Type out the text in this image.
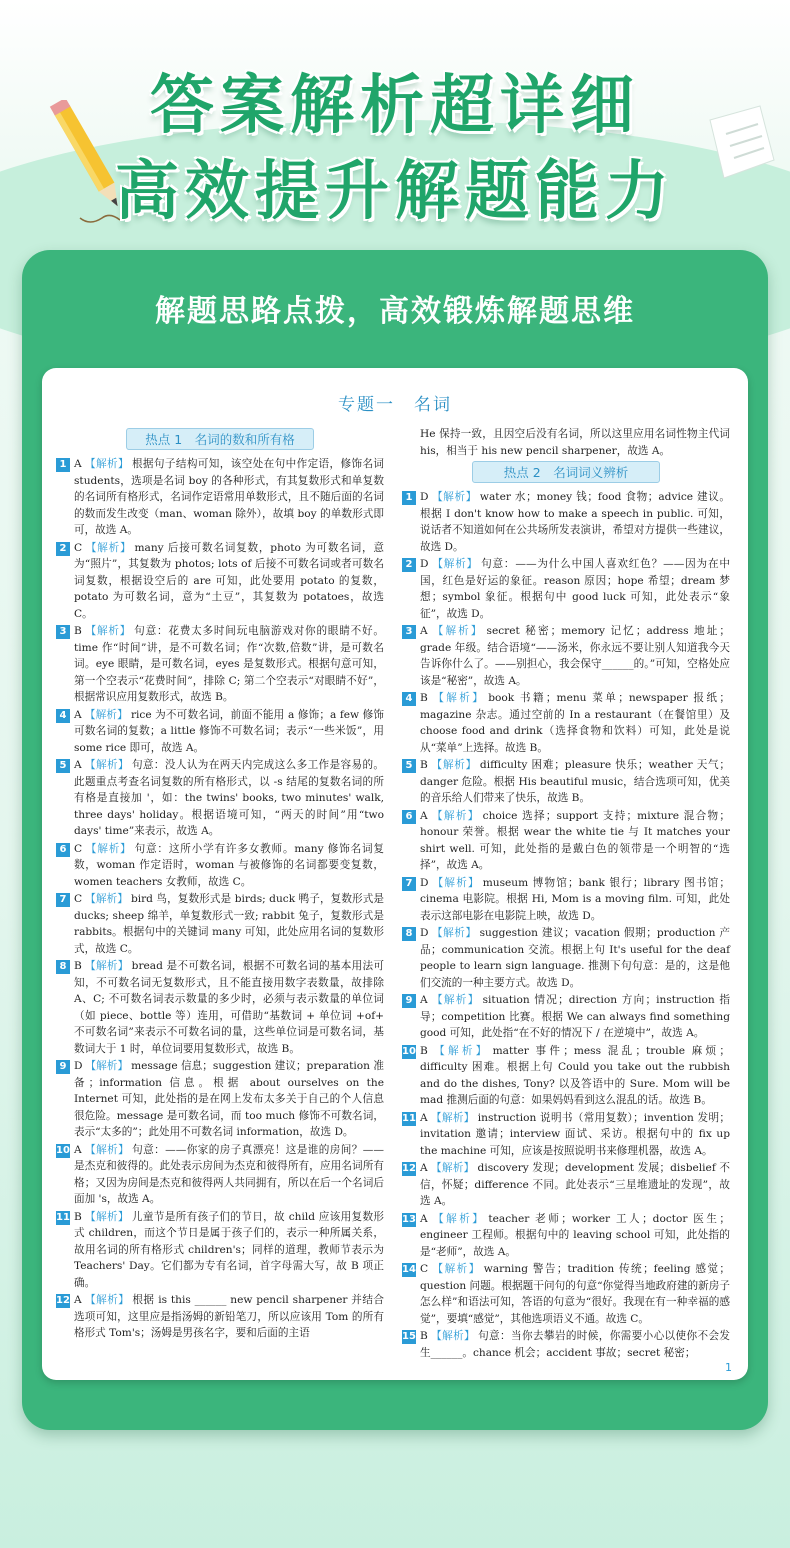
答案解析超详细
高效提升解题能力
解题思路点拨，高效锻炼解题思维
专题一　名词
热点 1　名词的数和所有格
1 A 【解析】 根据句子结构可知，该空处在句中作定语，修饰名词 students，选项是名词 boy 的各种形式，有其复数形式和单复数的名词所有格形式，名词作定语常用单数形式，且不随后面的名词的数而发生改变（man、woman 除外），故填 boy 的单数形式即可，故选 A。
2 C 【解析】 many 后接可数名词复数，photo 为可数名词，意为“照片”，其复数为 photos; lots of 后接不可数名词或者可数名词复数，根据设空后的 are 可知，此处要用 potato 的复数，potato 为可数名词，意为“土豆”，其复数为 potatoes，故选 C。
3 B 【解析】 句意：花费太多时间玩电脑游戏对你的眼睛不好。time 作“时间”讲，是不可数名词；作“次数,倍数”讲，是可数名词。eye 眼睛，是可数名词，eyes 是复数形式。根据句意可知，第一个空表示“花费时间”，排除 C; 第二个空表示“对眼睛不好”，根据常识应用复数形式，故选 B。
4 A 【解析】 rice 为不可数名词，前面不能用 a 修饰；a few 修饰可数名词的复数；a little 修饰不可数名词；表示“一些米饭”，用 some rice 即可，故选 A。
5 A 【解析】 句意：没人认为在两天内完成这么多工作是容易的。此题重点考查名词复数的所有格形式，以 -s 结尾的复数名词的所有格是直接加 '，如：the twins' books, two minutes' walk, three days' holiday。根据语境可知，“两天的时间”用“two days' time”来表示，故选 A。
6 C 【解析】 句意：这所小学有许多女教师。many 修饰名词复数，woman 作定语时，woman 与被修饰的名词都要变复数，women teachers 女教师，故选 C。
7 C 【解析】 bird 鸟，复数形式是 birds; duck 鸭子，复数形式是 ducks; sheep 绵羊，单复数形式一致; rabbit 兔子，复数形式是 rabbits。根据句中的关键词 many 可知，此处应用名词的复数形式，故选 C。
8 B 【解析】 bread 是不可数名词，根据不可数名词的基本用法可知，不可数名词无复数形式，且不能直接用数字表数量，故排除 A、C; 不可数名词表示数量的多少时，必须与表示数量的单位词（如 piece、bottle 等）连用，可借助“基数词 + 单位词 +of+ 不可数名词”来表示不可数名词的量，这些单位词是可数名词，基数词大于 1 时，单位词要用复数形式，故选 B。
9 D 【解析】 message 信息；suggestion 建议；preparation 准备；information 信息。根据 about ourselves on the Internet 可知，此处指的是在网上发布太多关于自己的个人信息很危险。message 是可数名词，而 too much 修饰不可数名词，表示“太多的”；此处用不可数名词 information，故选 D。
10 A 【解析】 句意：——你家的房子真漂亮！这是谁的房间？——是杰克和彼得的。此处表示房间为杰克和彼得所有，应用名词所有格；又因为房间是杰克和彼得两人共同拥有，所以在后一个名词后面加 's，故选 A。
11 B 【解析】 儿童节是所有孩子们的节日，故 child 应该用复数形式 children，而这个节日是属于孩子们的，表示一种所属关系，故用名词的所有格形式 children's；同样的道理，教师节表示为 Teachers' Day。它们都为专有名词，首字母需大写，故 B 项正确。
12 A 【解析】 根据 is this ______ new pencil sharpener 并结合选项可知，这里应是指汤姆的新铅笔刀，所以应该用 Tom 的所有格形式 Tom's；汤姆是男孩名字，要和后面的主语
He 保持一致，且因空后没有名词，所以这里应用名词性物主代词 his，相当于 his new pencil sharpener，故选 A。
热点 2　名词词义辨析
1 D 【解析】 water 水；money 钱；food 食物；advice 建议。根据 I don't know how to make a speech in public. 可知，说话者不知道如何在公共场所发表演讲，希望对方提供一些建议，故选 D。
2 D 【解析】 句意：——为什么中国人喜欢红色？——因为在中国，红色是好运的象征。reason 原因；hope 希望；dream 梦想；symbol 象征。根据句中 good luck 可知，此处表示“象征”，故选 D。
3 A 【解析】 secret 秘密；memory 记忆；address 地址；grade 年级。结合语境“——汤米，你永远不要让别人知道我今天告诉你什么了。——别担心，我会保守______的。”可知，空格处应该是“秘密”，故选 A。
4 B 【解析】 book 书籍；menu 菜单；newspaper 报纸；magazine 杂志。通过空前的 In a restaurant（在餐馆里）及 choose food and drink（选择食物和饮料）可知，此处是说从“菜单”上选择。故选 B。
5 B 【解析】 difficulty 困难；pleasure 快乐；weather 天气；danger 危险。根据 His beautiful music，结合选项可知，优美的音乐给人们带来了快乐，故选 B。
6 A 【解析】 choice 选择；support 支持；mixture 混合物；honour 荣誉。根据 wear the white tie 与 It matches your shirt well. 可知，此处指的是戴白色的领带是一个明智的“选择”，故选 A。
7 D 【解析】 museum 博物馆；bank 银行；library 图书馆；cinema 电影院。根据 Hi, Mom is a moving film. 可知，此处表示这部电影在电影院上映，故选 D。
8 D 【解析】 suggestion 建议；vacation 假期；production 产品；communication 交流。根据上句 It's useful for the deaf people to learn sign language. 推测下句句意：是的，这是他们交流的一种主要方式。故选 D。
9 A 【解析】 situation 情况；direction 方向；instruction 指导；competition 比赛。根据 We can always find something good 可知，此处指“在不好的情况下 / 在逆境中”，故选 A。
10 B 【解析】 matter 事件；mess 混乱；trouble 麻烦；difficulty 困难。根据上句 Could you take out the rubbish and do the dishes, Tony? 以及答语中的 Sure. Mom will be mad 推测后面的句意：如果妈妈看到这么混乱的话。故选 B。
11 A 【解析】 instruction 说明书（常用复数）；invention 发明；invitation 邀请；interview 面试、采访。根据句中的 fix up the machine 可知，应该是按照说明书来修理机器，故选 A。
12 A 【解析】 discovery 发现；development 发展；disbelief 不信，怀疑；difference 不同。此处表示“三星堆遗址的发现”，故选 A。
13 A 【解析】 teacher 老师；worker 工人；doctor 医生；engineer 工程师。根据句中的 leaving school 可知，此处指的是“老师”，故选 A。
14 C 【解析】 warning 警告；tradition 传统；feeling 感觉；question 问题。根据题干问句的句意“你觉得当地政府建的新房子怎么样”和语法可知，答语的句意为“很好。我现在有一种幸福的感觉”，要填“感觉”，其他选项语义不通。故选 C。
15 B 【解析】 句意：当你去攀岩的时候，你需要小心以使你不会发生______。chance 机会；accident 事故；secret 秘密；
1
